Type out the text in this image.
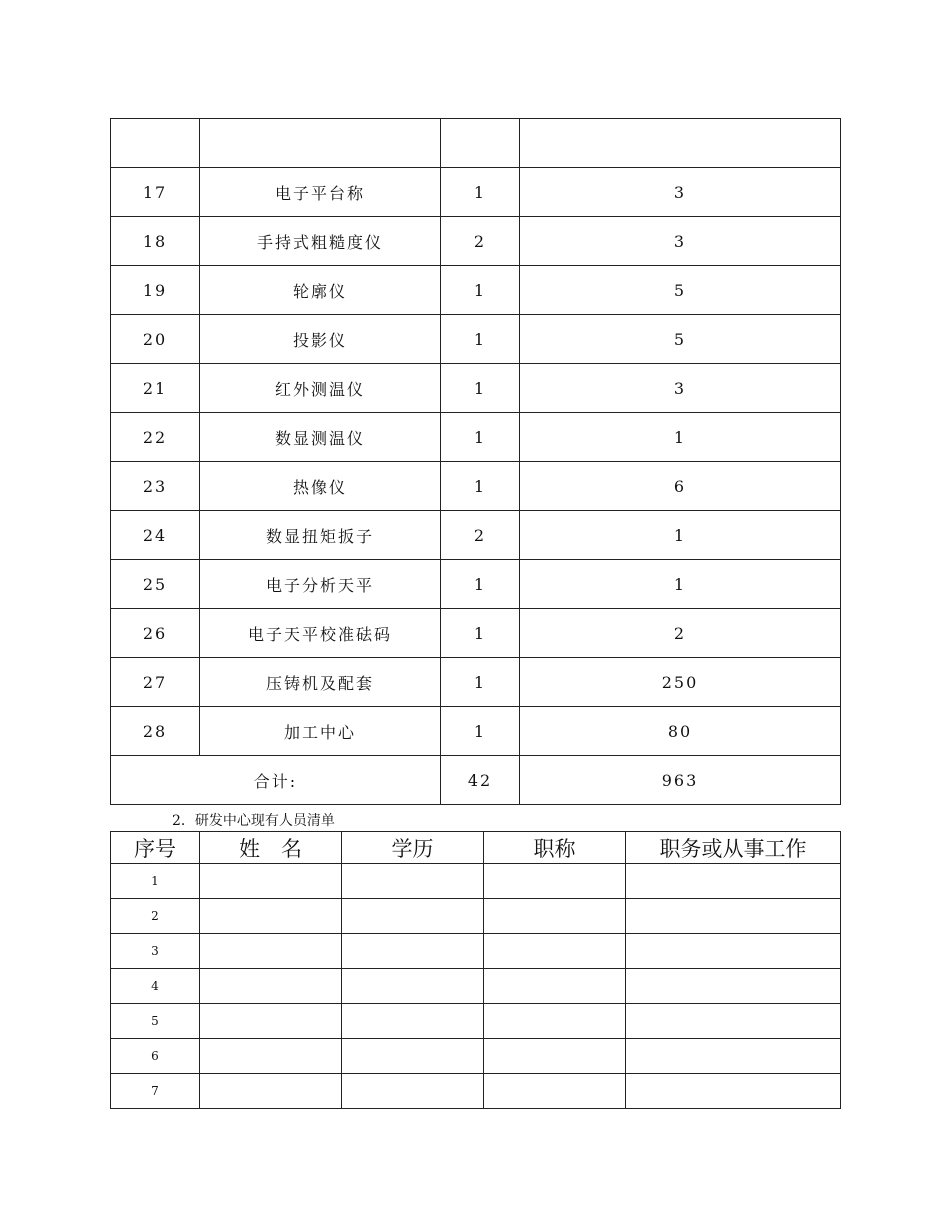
17	电子平台称	1	3
18	手持式粗糙度仪	2	3
19	轮廓仪	1	5
20	投影仪	1	5
21	红外测温仪	1	3
22	数显测温仪	1	1
23	热像仪	1	6
24	数显扭矩扳子	2	1
25	电子分析天平	1	1
26	电子天平校准砝码	1	2
27	压铸机及配套	1	250
28	加工中心	1	80
合计:		42	963
2．研发中心现有人员清单
序号	姓　名	学历	职称	职务或从事工作
1				
2				
3				
4				
5				
6				
7				
